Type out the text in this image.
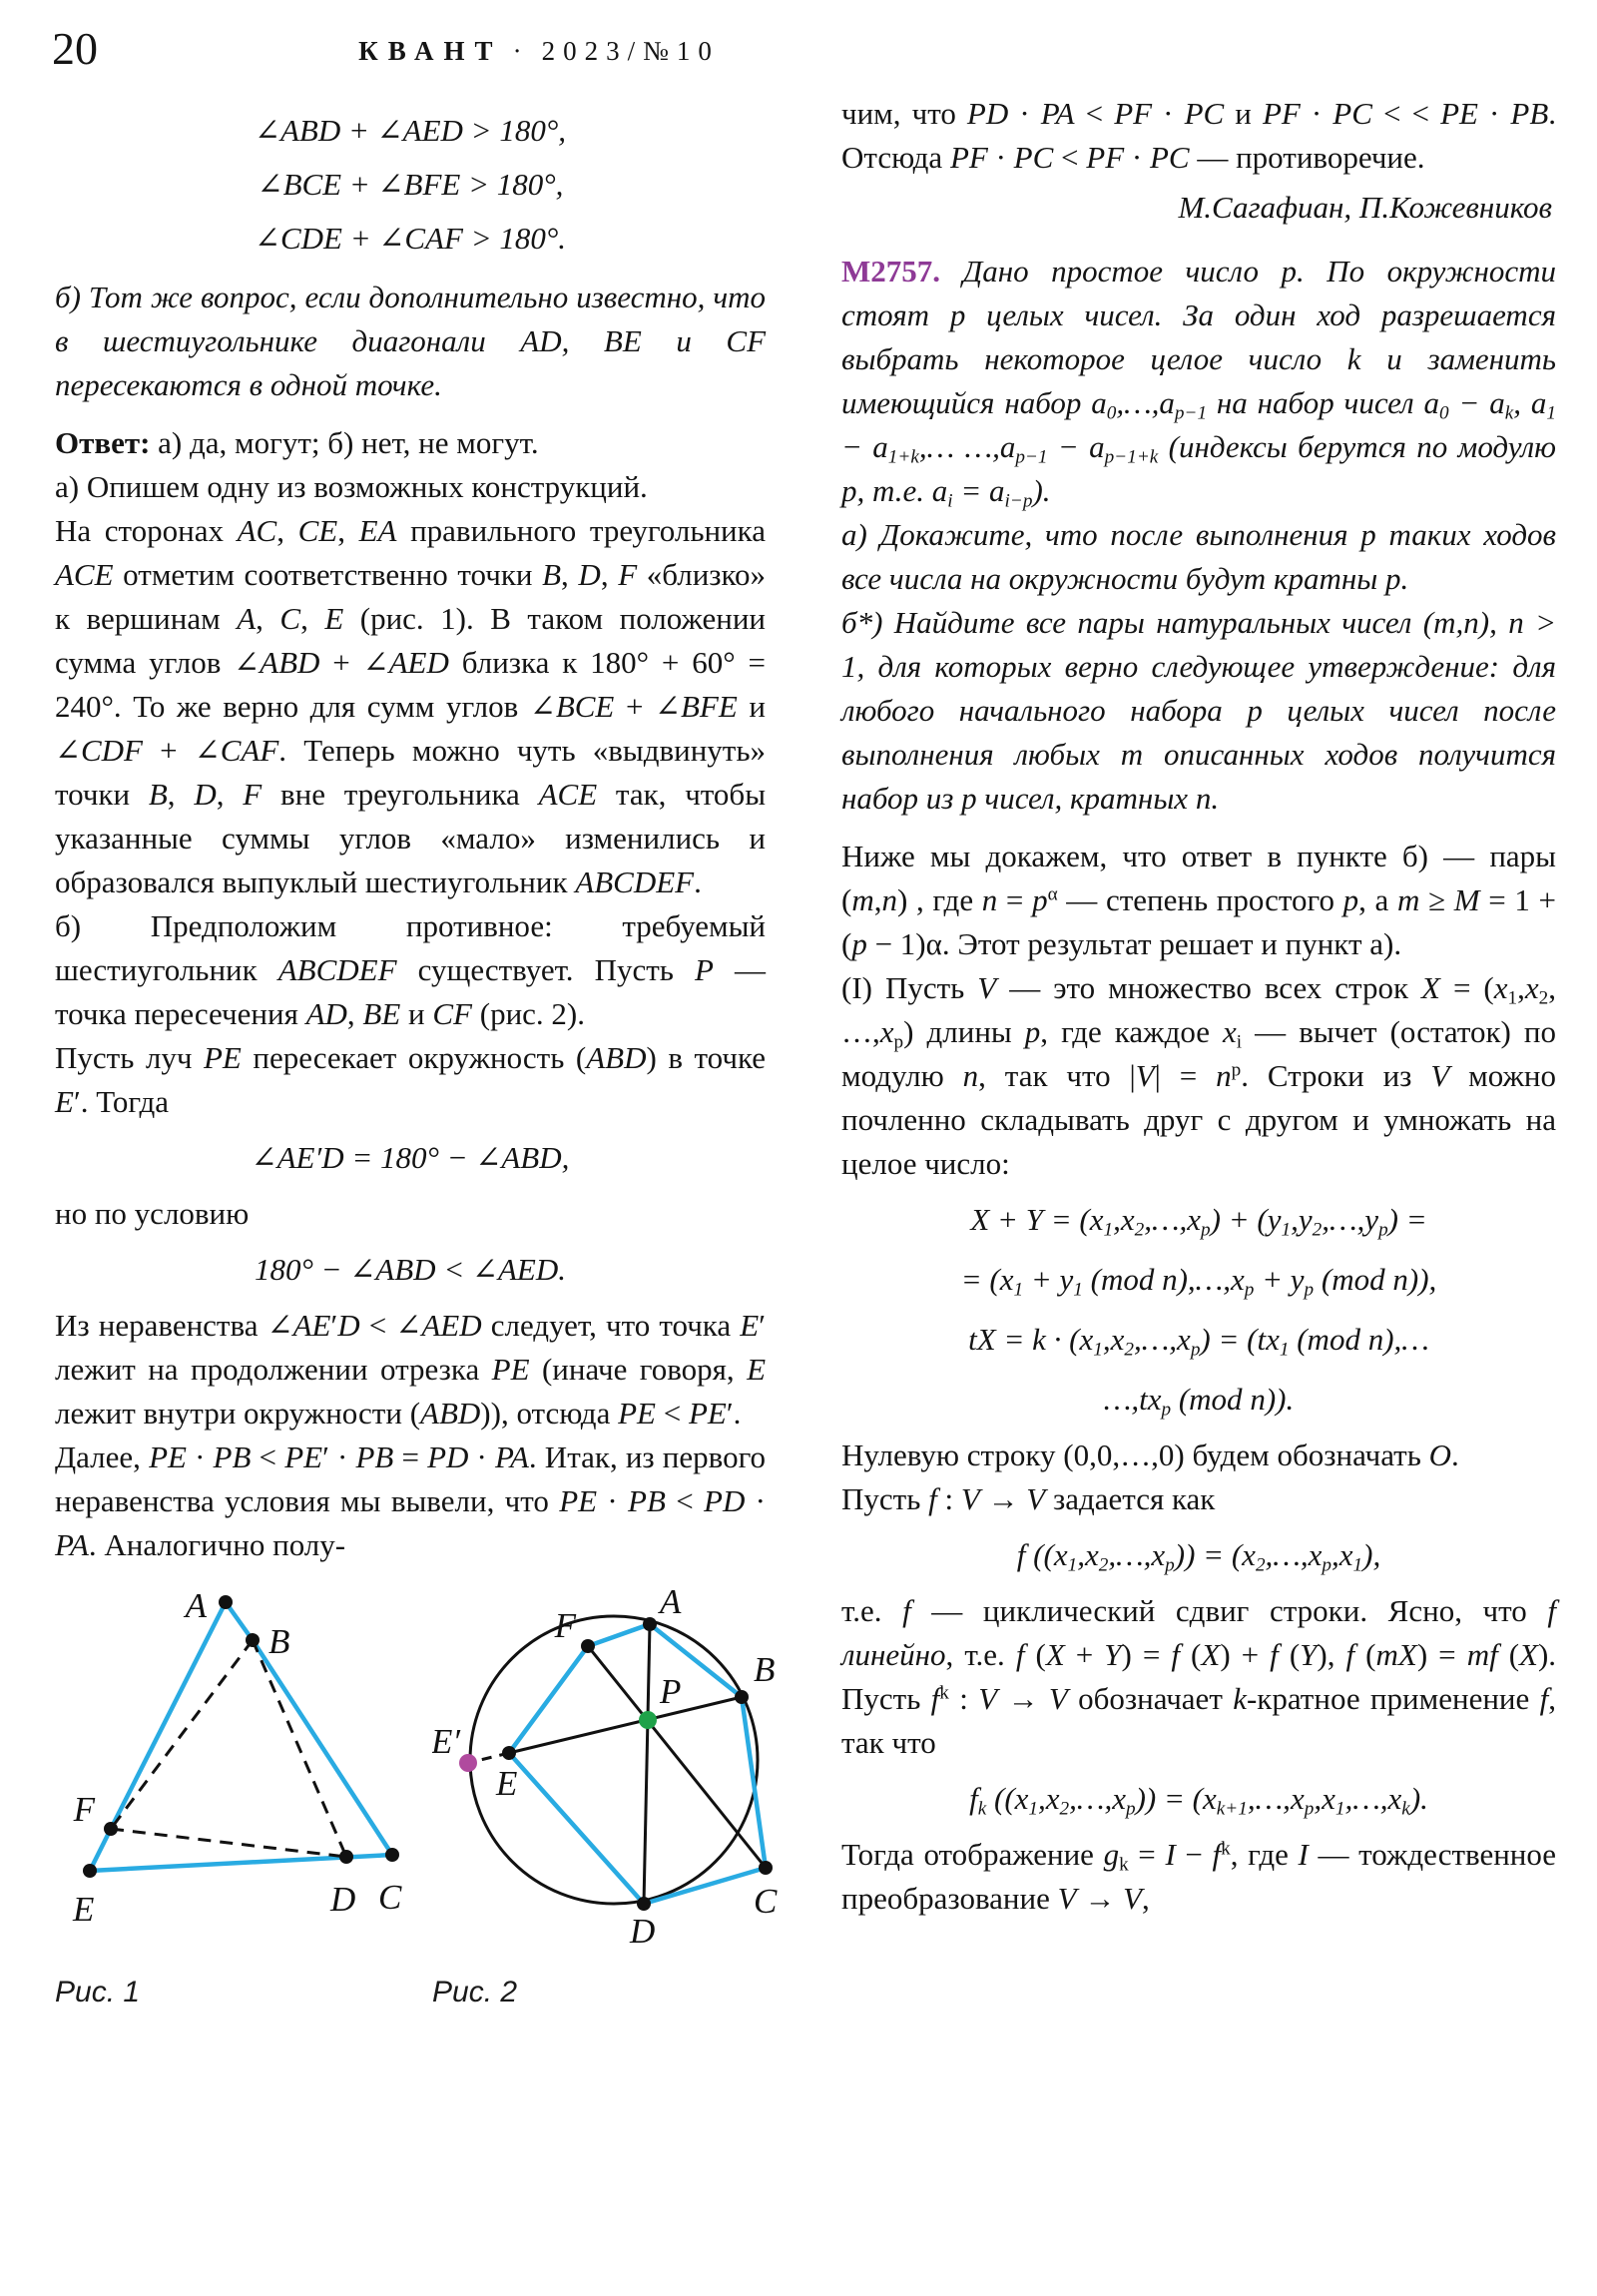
20	КВАНТ · 2023/№10
∠ABD + ∠AED > 180°,
∠BCE + ∠BFE > 180°,
∠CDE + ∠CAF > 180°.

б) Тот же вопрос, если дополнительно известно, что в шестиугольнике диагонали AD, BE и CF пересекаются в одной точке.

Ответ: а) да, могут; б) нет, не могут.

а) Опишем одну из возможных конструкций.

На сторонах AC, CE, EA правильного треугольника ACE отметим соответственно точки B, D, F «близко» к вершинам A, C, E (рис. 1). В таком положении сумма углов ∠ABD + ∠AED близка к 180° + 60° = 240°. То же верно для сумм углов ∠BCE + ∠BFE и ∠CDF + ∠CAF. Теперь можно чуть «выдвинуть» точки B, D, F вне треугольника ACE так, чтобы указанные суммы углов «мало» изменились и образовался выпуклый шестиугольник ABCDEF.

б) Предположим противное: требуемый шестиугольник ABCDEF существует. Пусть P — точка пересечения AD, BE и CF (рис. 2).

Пусть луч PE пересекает окружность (ABD) в точке E′. Тогда

∠AE′D = 180° − ∠ABD,

но по условию

180° − ∠ABD < ∠AED.

Из неравенства ∠AE′D < ∠AED следует, что точка E′ лежит на продолжении отрезка PE (иначе говоря, E лежит внутри окружности (ABD)), отсюда PE < PE′.

Далее, PE · PB < PE′ · PB = PD · PA. Итак, из первого неравенства условия мы вывели, что PE · PB < PD · PA. Аналогично полу-

A
B
F
E	D C
Рис. 1
A
F
B
P
E′
E
D
C
Рис. 2

чим, что PD · PA < PF · PC и PF · PC < < PE · PB. Отсюда PF · PC < PF · PC — противоречие.

М.Сагафиан, П.Кожевников

М2757. Дано простое число p. По окружности стоят p целых чисел. За один ход разрешается выбрать некоторое целое число k и заменить имеющийся набор $a_0,\dots,a_{p-1}$ на набор чисел $a_0 - a_k$, $a_1$ − $a_{1+k},\dots$ $\dots,a_{p-1} - a_{p-1+k}$ (индексы берутся по модулю p, т.е. $a_i = a_{i-p}$).

а) Докажите, что после выполнения p таких ходов все числа на окружности будут кратны p.

б*) Найдите все пары натуральных чисел (m,n), n > 1, для которых верно следующее утверждение: для любого начального набора p целых чисел после выполнения любых m описанных ходов получится набор из p чисел, кратных n.

Ниже мы докажем, что ответ в пункте б) — пары (m,n) , где $n = p^\alpha$ — степень простого p, а m ≥ M = 1 + (p − 1)α. Этот результат решает и пункт а).

(I) Пусть V — это множество всех строк $X = (x_1,x_2$, $\dots,x_p$) длины p, где каждое $x_i$ — вычет (остаток) по модулю n, так что $|V| = n^p$. Строки из V можно почленно складывать друг с другом и умножать на целое число:

$X + Y = (x_1,x_2,\dots,x_p)$ + $(y_1,y_2,\dots,y_p)$ =
= ($x_1 + y_1$ (mod $n),\dots,x_p + y_p$ (mod n)),
tX = $k \cdot (x_1,x_2,\dots,x_p) = (tx_1$ (mod n),…
$\dots,tx_p$ (mod n)).

Нулевую строку (0,0,…,0) будем обозначать O.

Пусть f : V → V задается как

f $((x_1,x_2,\dots,x_p))$ = $(x_2,\dots,x_p,x_1)$,

т.е. f — циклический сдвиг строки. Ясно, что f линейно, т.е. f (X + Y) = f (X) + f (Y), f (mX) = mf (X). Пусть $f^k$ : V → V обозначает k-кратное применение f, так что

$f_k$ $((x_1,x_2,\dots,x_p))$ = $(x_{k+1},\dots,x_p,x_1,\dots,x_k)$.

Тогда отображение $g_k = I - f^k$, где I — тождественное преобразование V → V,
